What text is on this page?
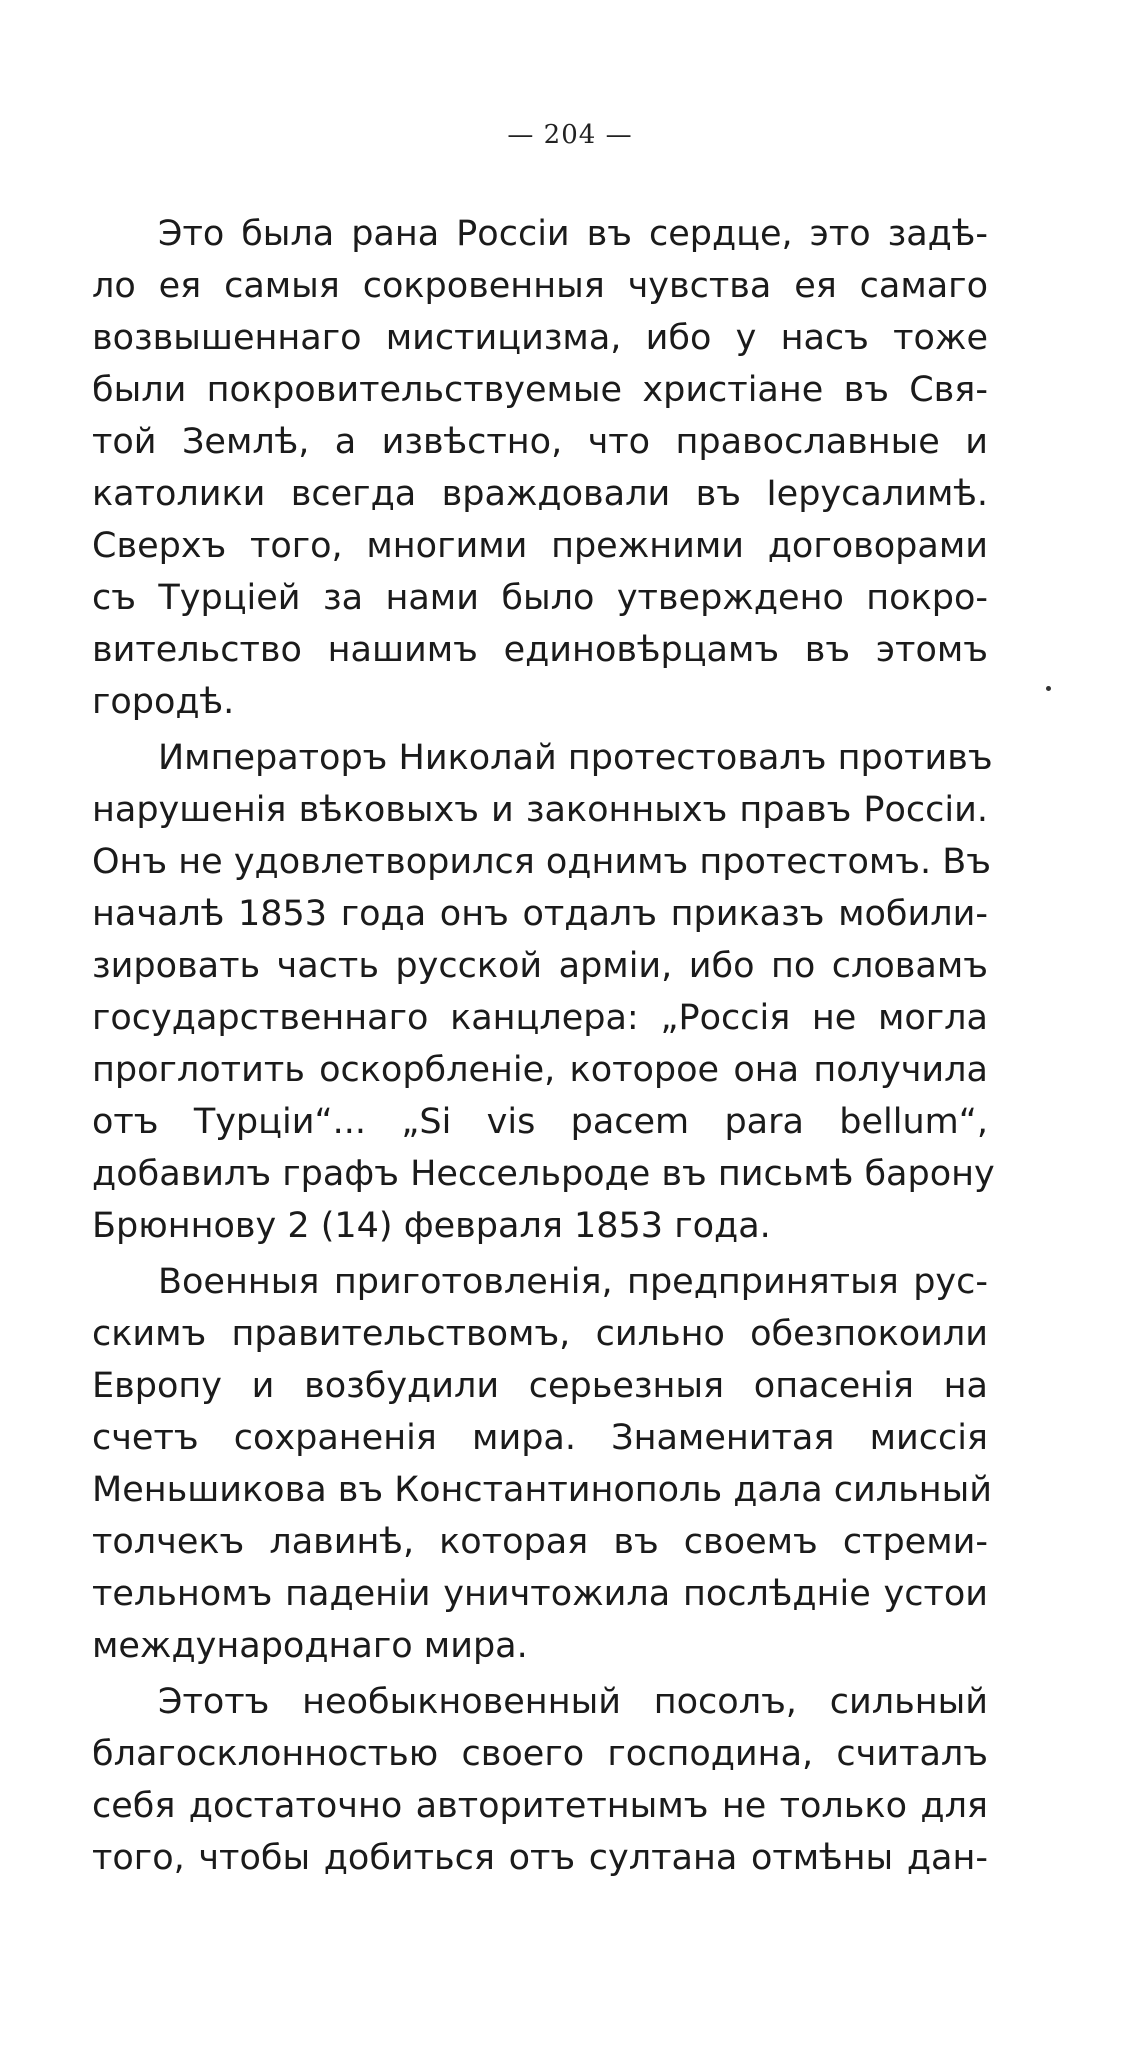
— 204 —
Это была рана Россiи въ сердце, это задѣ-
ло ея самыя сокровенныя чувства ея самаго
возвышеннаго мистицизма, ибо у насъ тоже
были покровительствуемые христiане въ Свя-
той Землѣ, а извѣстно, что православные и
католики всегда враждовали въ Iерусалимѣ.
Сверхъ того, многими прежними договорами
съ Турцiей за нами было утверждено покро-
вительство нашимъ единовѣрцамъ въ этомъ
городѣ.
Императоръ Николай протестовалъ противъ
нарушенiя вѣковыхъ и законныхъ правъ Россiи.
Онъ не удовлетворился однимъ протестомъ. Въ
началѣ 1853 года онъ отдалъ приказъ мобили-
зировать часть русской армiи, ибо по словамъ
государственнаго канцлера: „Россiя не могла
проглотить оскорбленiе, которое она получила
отъ Турцiи“... „Si vis pacem para bellum“,
добавилъ графъ Нессельроде въ письмѣ барону
Брюннову 2 (14) февраля 1853 года.
Военныя приготовленiя, предпринятыя рус-
скимъ правительствомъ, сильно обезпокоили
Европу и возбудили серьезныя опасенiя на
счетъ сохраненiя мира. Знаменитая миссiя
Меньшикова въ Константинополь дала сильный
толчекъ лавинѣ, которая въ своемъ стреми-
тельномъ паденiи уничтожила послѣднiе устои
международнаго мира.
Этотъ необыкновенный посолъ, сильный
благосклонностью своего господина, считалъ
себя достаточно авторитетнымъ не только для
того, чтобы добиться отъ султана отмѣны дан-
